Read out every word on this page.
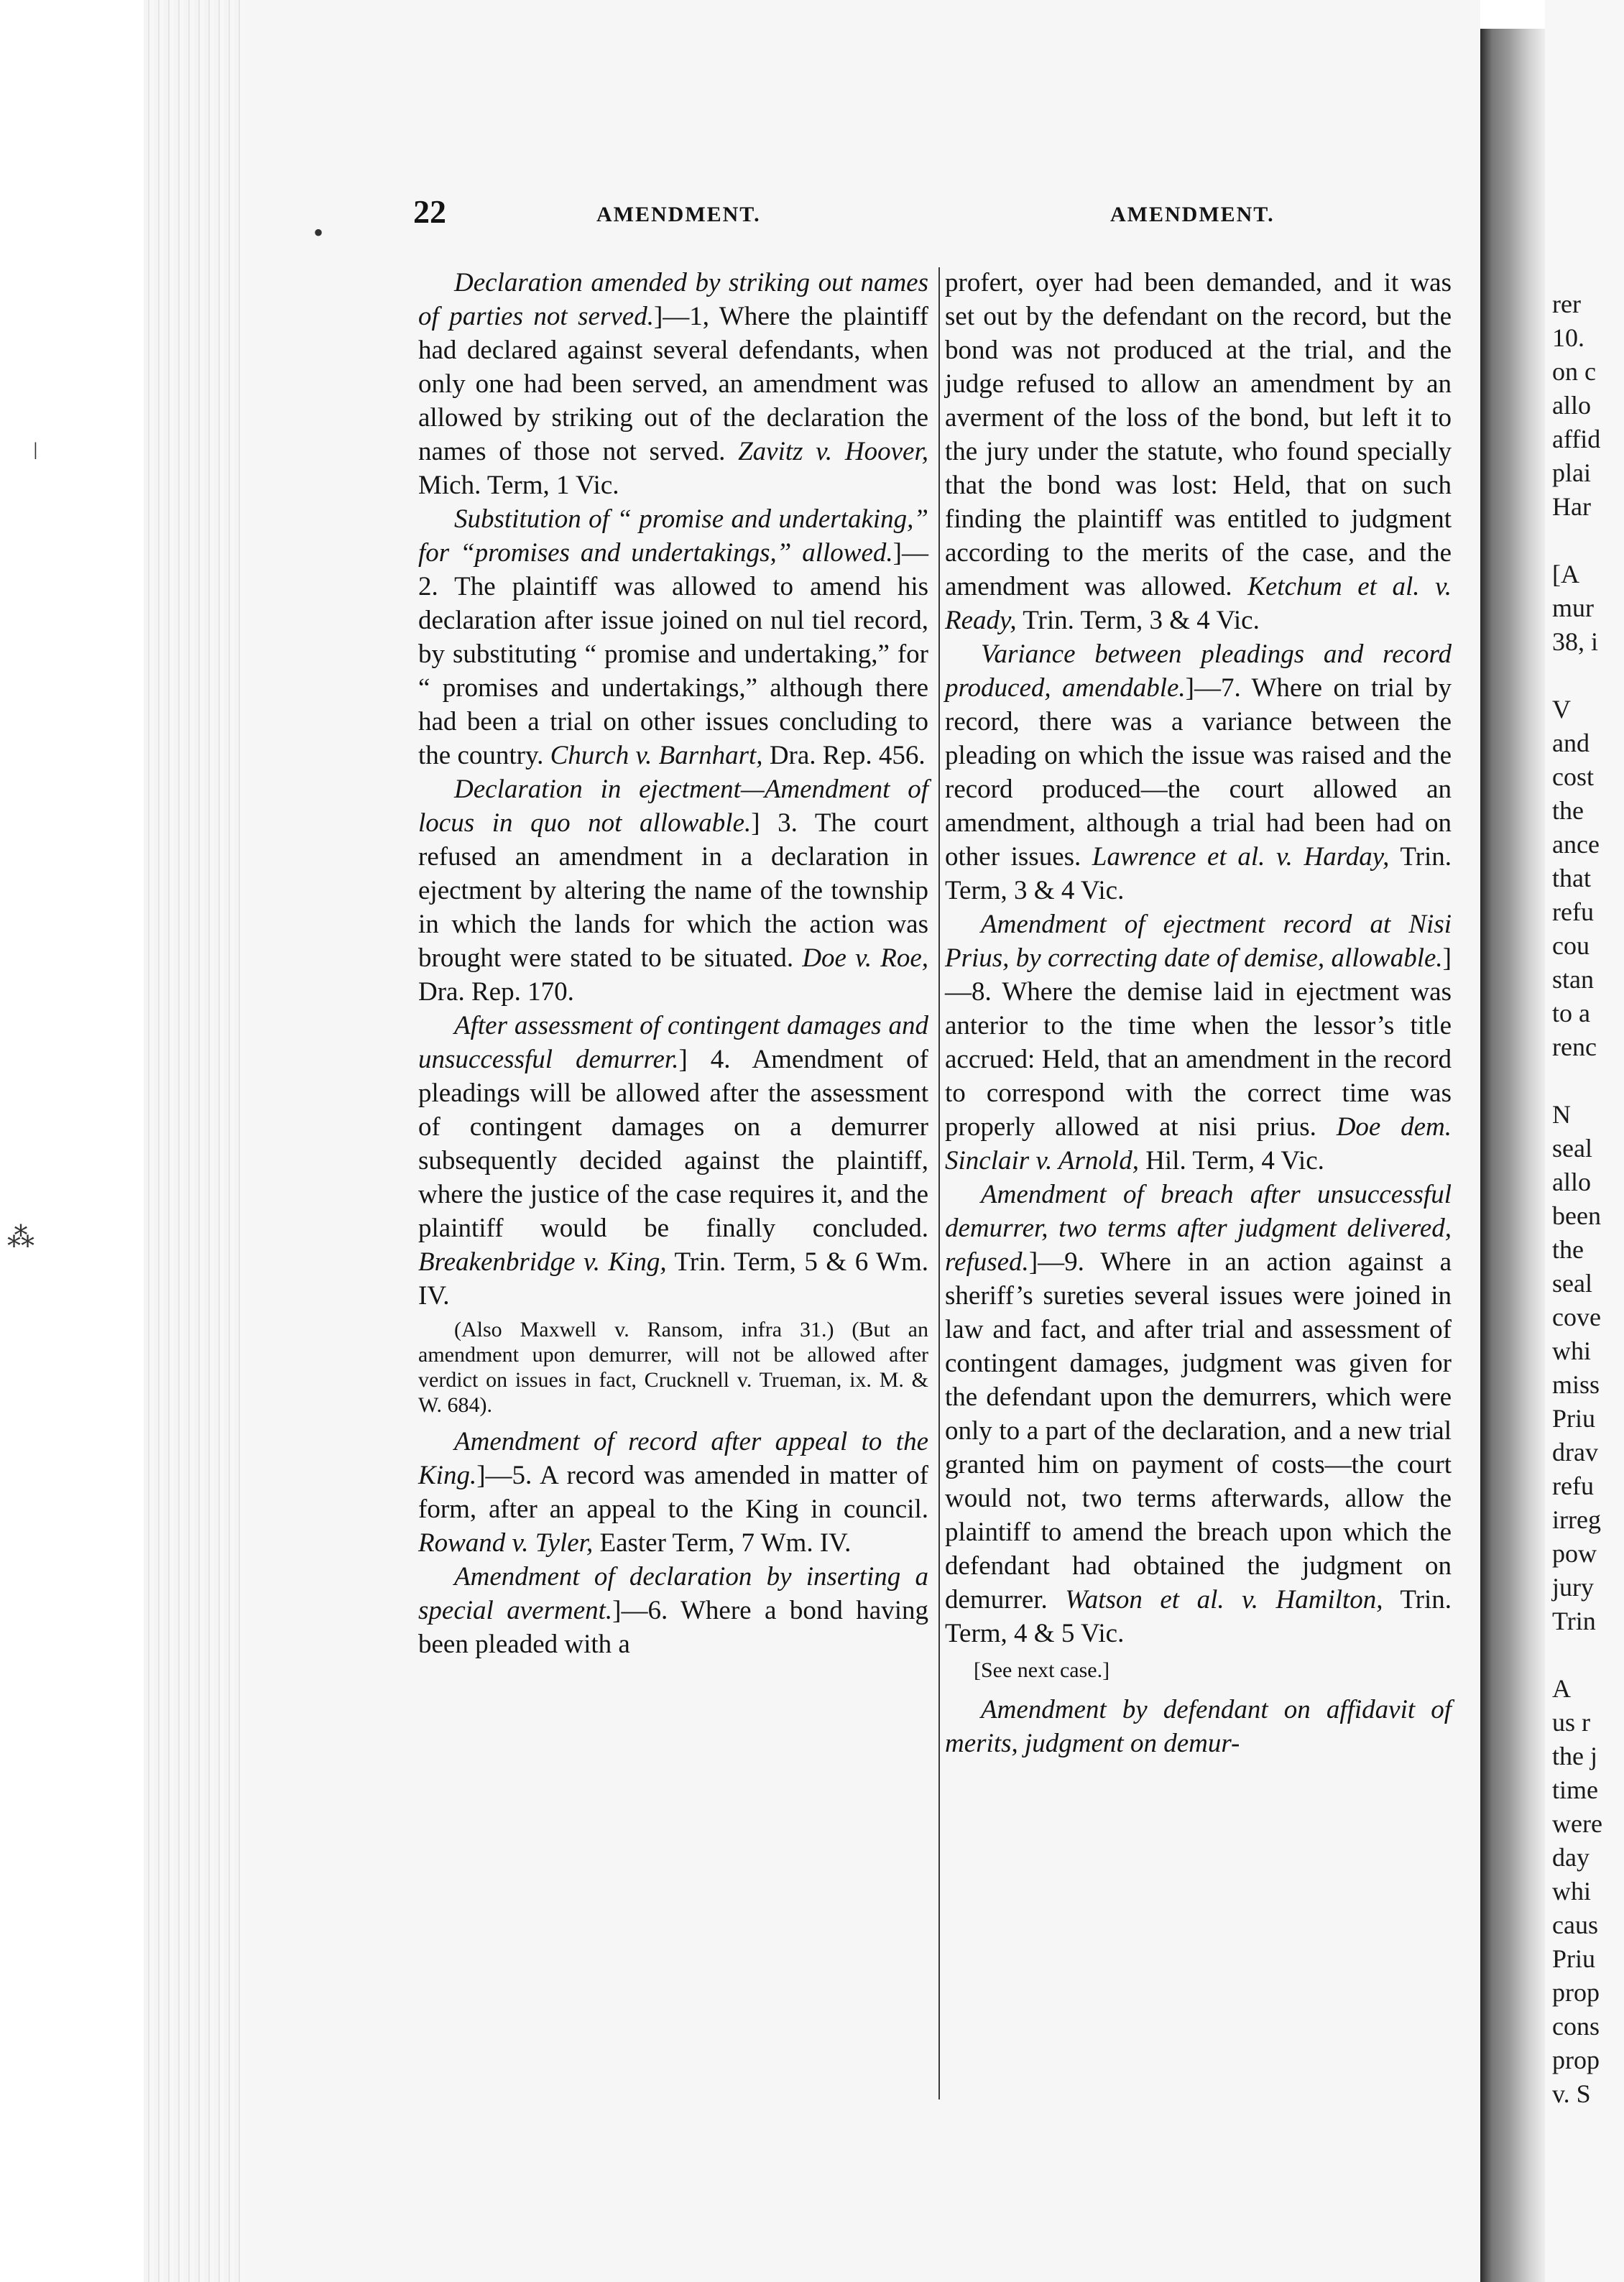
rer
10.
on c
allo
affid
plai
Har

[A
mur
38, i

V
and
cost
the
ance
that
refu
cou
stan
to a
renc

N
seal
allo
been
the
seal
cove
whi
miss
Priu
drav
refu
irreg
pow
jury
Trin

A
us r
the j
time
were
day
whi
caus
Priu
prop
cons
prop
v. S
•
ǀ
⁂
22	AMENDMENT.	AMENDMENT.

Declaration amended by striking out names of parties not served.]—1, Where the plaintiff had declared against several defendants, when only one had been served, an amendment was allowed by striking out of the declaration the names of those not served. Zavitz v. Hoover, Mich. Term, 1 Vic.

Substitution of “ promise and undertaking,” for “promises and undertakings,” allowed.]—2. The plaintiff was allowed to amend his declaration after issue joined on nul tiel record, by substituting “ promise and undertaking,” for “ promises and undertakings,” although there had been a trial on other issues concluding to the country. Church v. Barnhart, Dra. Rep. 456.

Declaration in ejectment—Amendment of locus in quo not allowable.] 3. The court refused an amendment in a declaration in ejectment by altering the name of the township in which the lands for which the action was brought were stated to be situated. Doe v. Roe, Dra. Rep. 170.

After assessment of contingent damages and unsuccessful demurrer.] 4. Amendment of pleadings will be allowed after the assessment of contingent damages on a demurrer subsequently decided against the plaintiff, where the justice of the case requires it, and the plaintiff would be finally concluded. Breakenbridge v. King, Trin. Term, 5 & 6 Wm. IV.

(Also Maxwell v. Ransom, infra 31.) (But an amendment upon demurrer, will not be allowed after verdict on issues in fact, Crucknell v. Trueman, ix. M. & W. 684).

Amendment of record after appeal to the King.]—5. A record was amended in matter of form, after an appeal to the King in council. Rowand v. Tyler, Easter Term, 7 Wm. IV.

Amendment of declaration by inserting a special averment.]—6. Where a bond having been pleaded with a

profert, oyer had been demanded, and it was set out by the defendant on the record, but the bond was not produced at the trial, and the judge refused to allow an amendment by an averment of the loss of the bond, but left it to the jury under the statute, who found specially that the bond was lost: Held, that on such finding the plaintiff was entitled to judgment according to the merits of the case, and the amendment was allowed. Ketchum et al. v. Ready, Trin. Term, 3 & 4 Vic.

Variance between pleadings and record produced, amendable.]—7. Where on trial by record, there was a variance between the pleading on which the issue was raised and the record produced—the court allowed an amendment, although a trial had been had on other issues. Lawrence et al. v. Harday, Trin. Term, 3 & 4 Vic.

Amendment of ejectment record at Nisi Prius, by correcting date of demise, allowable.]—8. Where the demise laid in ejectment was anterior to the time when the lessor’s title accrued: Held, that an amendment in the record to correspond with the correct time was properly allowed at nisi prius. Doe dem. Sinclair v. Arnold, Hil. Term, 4 Vic.

Amendment of breach after unsuccessful demurrer, two terms after judgment delivered, refused.]—9. Where in an action against a sheriff’s sureties several issues were joined in law and fact, and after trial and assessment of contingent damages, judgment was given for the defendant upon the demurrers, which were only to a part of the declaration, and a new trial granted him on payment of costs—the court would not, two terms afterwards, allow the plaintiff to amend the breach upon which the defendant had obtained the judgment on demurrer. Watson et al. v. Hamilton, Trin. Term, 4 & 5 Vic.

[See next case.]

Amendment by defendant on affidavit of merits, judgment on demur-
